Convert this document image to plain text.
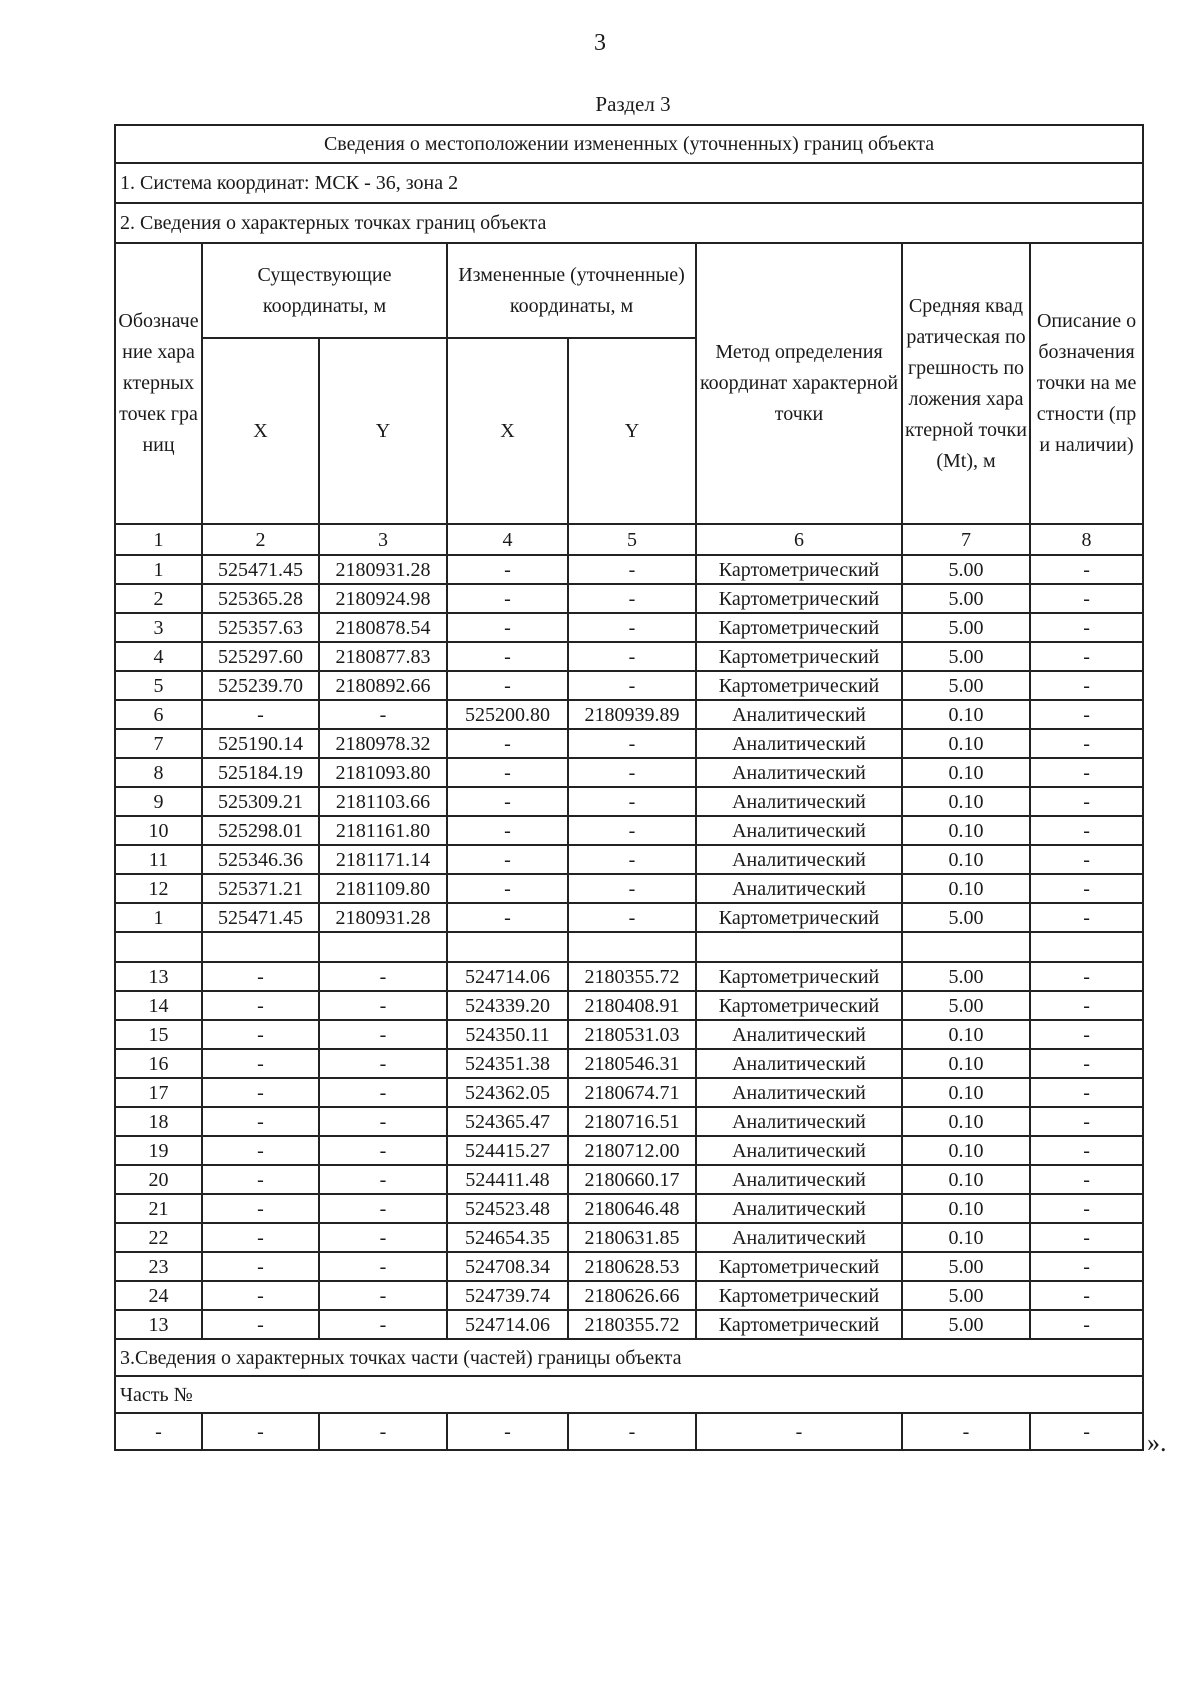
3
Раздел 3
Сведения о местоположении измененных (уточненных) границ объекта							
1. Система координат: МСК - 36, зона 2							
2. Сведения о характерных точках границ объекта							
Обозначение характерных точек границ	Существующие координаты, м		Измененные (уточненные) координаты, м		Метод определения координат характерной точки	Средняя квадратическая погрешность положения характерной точки (Mt), м	Описание обозначения точки на местности (при наличии)
	X	Y	X	Y			
1	2	3	4	5	6	7	8
1	525471.45	2180931.28	-	-	Картометрический	5.00	-
2	525365.28	2180924.98	-	-	Картометрический	5.00	-
3	525357.63	2180878.54	-	-	Картометрический	5.00	-
4	525297.60	2180877.83	-	-	Картометрический	5.00	-
5	525239.70	2180892.66	-	-	Картометрический	5.00	-
6	-	-	525200.80	2180939.89	Аналитический	0.10	-
7	525190.14	2180978.32	-	-	Аналитический	0.10	-
8	525184.19	2181093.80	-	-	Аналитический	0.10	-
9	525309.21	2181103.66	-	-	Аналитический	0.10	-
10	525298.01	2181161.80	-	-	Аналитический	0.10	-
11	525346.36	2181171.14	-	-	Аналитический	0.10	-
12	525371.21	2181109.80	-	-	Аналитический	0.10	-
1	525471.45	2180931.28	-	-	Картометрический	5.00	-

13	-	-	524714.06	2180355.72	Картометрический	5.00	-
14	-	-	524339.20	2180408.91	Картометрический	5.00	-
15	-	-	524350.11	2180531.03	Аналитический	0.10	-
16	-	-	524351.38	2180546.31	Аналитический	0.10	-
17	-	-	524362.05	2180674.71	Аналитический	0.10	-
18	-	-	524365.47	2180716.51	Аналитический	0.10	-
19	-	-	524415.27	2180712.00	Аналитический	0.10	-
20	-	-	524411.48	2180660.17	Аналитический	0.10	-
21	-	-	524523.48	2180646.48	Аналитический	0.10	-
22	-	-	524654.35	2180631.85	Аналитический	0.10	-
23	-	-	524708.34	2180628.53	Картометрический	5.00	-
24	-	-	524739.74	2180626.66	Картометрический	5.00	-
13	-	-	524714.06	2180355.72	Картометрический	5.00	-
3.Сведения о характерных точках части (частей) границы объекта							
Часть №							
-	-	-	-	-	-	-	- ».
